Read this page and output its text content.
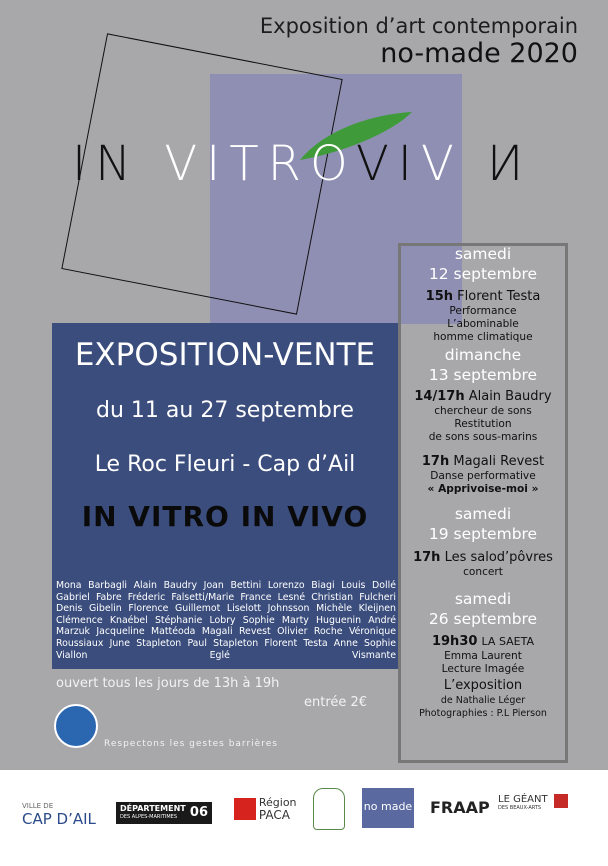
Exposition d’art contemporain
no-made 2020
IN VITROVIV И
EXPOSITION-VENTE
du 11 au 27 septembre
Le Roc Fleuri - Cap d’Ail
IN VITRO IN VIVO
Mona Barbagli Alain Baudry Joan Bettini Lorenzo Biagi Louis Dollé Gabriel Fabre Fréderic Falsetti/Marie France Lesné Christian Fulcheri Denis Gibelin Florence Guillemot Liselott Johnsson Michèle Kleijnen Clémence Knaébel Stéphanie Lobry Sophie Marty Huguenin André Marzuk Jacqueline Mattéoda Magali Revest Olivier Roche Véronique Roussiaux June Stapleton Paul Stapleton Florent Testa Anne Sophie Viallon Eglé Vismante
ouvert tous les jours de 13h à 19h
entrée 2€
Respectons les gestes barrières
samedi
12 septembre
15h Florent Testa
Performance
L’abominable
homme climatique
dimanche
13 septembre
14/17h Alain Baudry
chercheur de sons
Restitution
de sons sous-marins
17h Magali Revest
Danse performative
« Apprivoise-moi »
samedi
19 septembre
17h Les salod’pôvres
concert
samedi
26 septembre
19h30 LA SAETA
Emma Laurent
Lecture Imagée
L’exposition
de Nathalie Léger
Photographies : P.L Pierson
VILLE DE
CAP D’AIL
DÉPARTEMENT 06
DES ALPES-MARITIMES

Région
PACA
no made FRAAP LE GÉANT
DES BEAUX-ARTS
